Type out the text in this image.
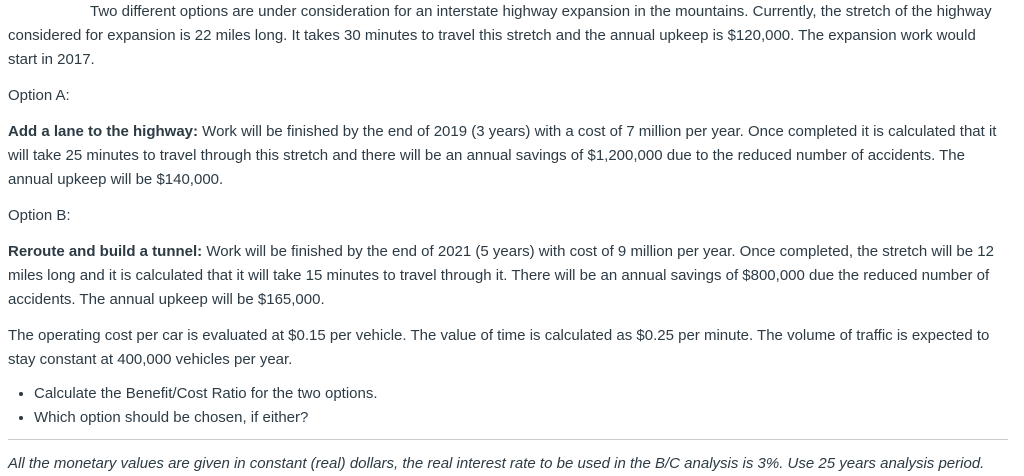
Two different options are under consideration for an interstate highway expansion in the mountains. Currently, the stretch of the highway considered for expansion is 22 miles long. It takes 30 minutes to travel this stretch and the annual upkeep is $120,000. The expansion work would start in 2017.

Option A:

Add a lane to the highway: Work will be finished by the end of 2019 (3 years) with a cost of 7 million per year. Once completed it is calculated that it will take 25 minutes to travel through this stretch and there will be an annual savings of $1,200,000 due to the reduced number of accidents. The annual upkeep will be $140,000.

Option B:

Reroute and build a tunnel: Work will be finished by the end of 2021 (5 years) with cost of 9 million per year. Once completed, the stretch will be 12 miles long and it is calculated that it will take 15 minutes to travel through it. There will be an annual savings of $800,000 due the reduced number of accidents. The annual upkeep will be $165,000.

The operating cost per car is evaluated at $0.15 per vehicle. The value of time is calculated as $0.25 per minute. The volume of traffic is expected to stay constant at 400,000 vehicles per year.

• Calculate the Benefit/Cost Ratio for the two options.
• Which option should be chosen, if either?

All the monetary values are given in constant (real) dollars, the real interest rate to be used in the B/C analysis is 3%. Use 25 years analysis period.
